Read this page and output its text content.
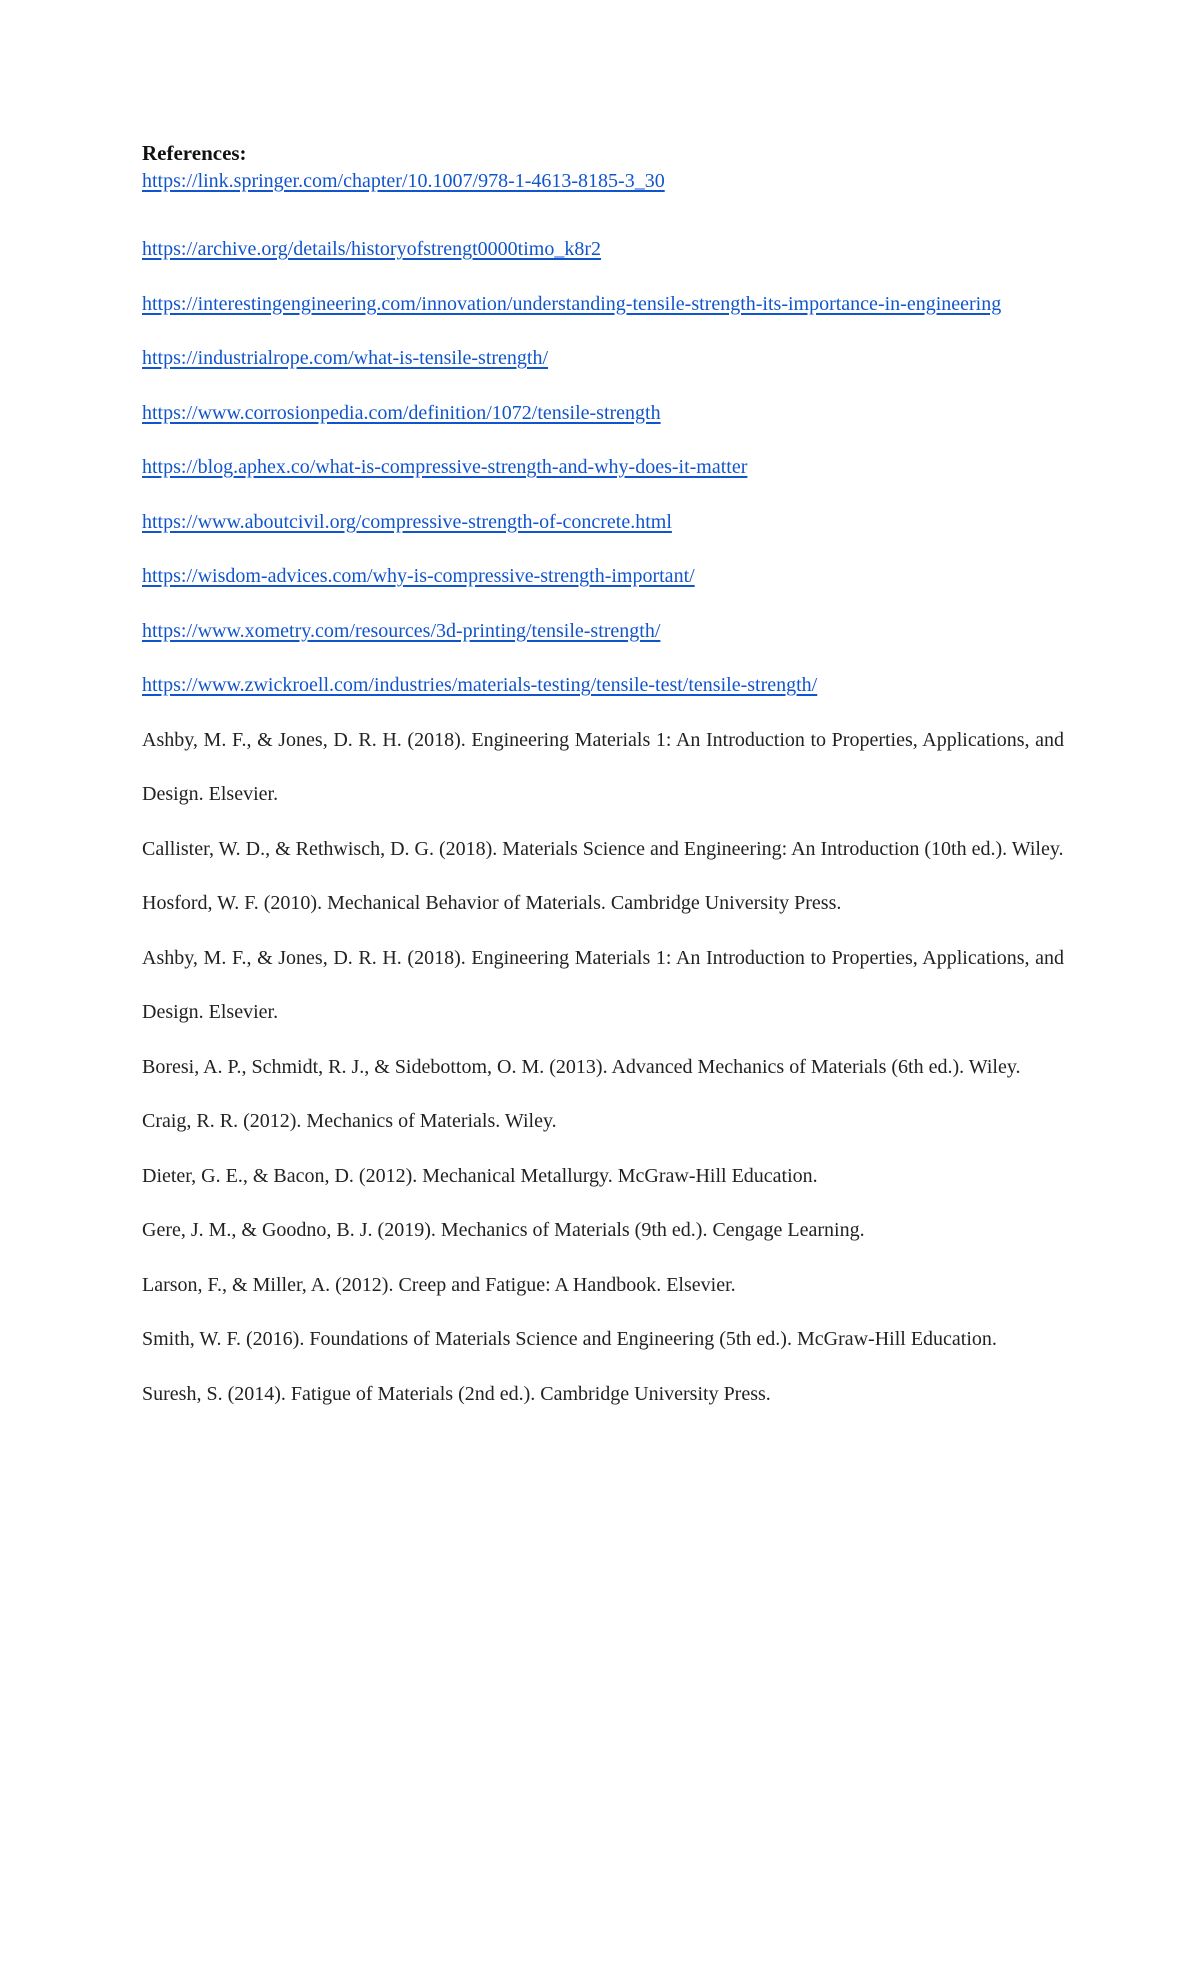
References:
https://link.springer.com/chapter/10.1007/978-1-4613-8185-3_30
https://archive.org/details/historyofstrengt0000timo_k8r2
https://interestingengineering.com/innovation/understanding-tensile-strength-its-importance-in-engineering
https://industrialrope.com/what-is-tensile-strength/
https://www.corrosionpedia.com/definition/1072/tensile-strength
https://blog.aphex.co/what-is-compressive-strength-and-why-does-it-matter
https://www.aboutcivil.org/compressive-strength-of-concrete.html
https://wisdom-advices.com/why-is-compressive-strength-important/
https://www.xometry.com/resources/3d-printing/tensile-strength/
https://www.zwickroell.com/industries/materials-testing/tensile-test/tensile-strength/
Ashby, M. F., & Jones, D. R. H. (2018). Engineering Materials 1: An Introduction to Properties, Applications, and Design. Elsevier.
Callister, W. D., & Rethwisch, D. G. (2018). Materials Science and Engineering: An Introduction (10th ed.). Wiley.
Hosford, W. F. (2010). Mechanical Behavior of Materials. Cambridge University Press.
Ashby, M. F., & Jones, D. R. H. (2018). Engineering Materials 1: An Introduction to Properties, Applications, and Design. Elsevier.
Boresi, A. P., Schmidt, R. J., & Sidebottom, O. M. (2013). Advanced Mechanics of Materials (6th ed.). Wiley.
Craig, R. R. (2012). Mechanics of Materials. Wiley.
Dieter, G. E., & Bacon, D. (2012). Mechanical Metallurgy. McGraw-Hill Education.
Gere, J. M., & Goodno, B. J. (2019). Mechanics of Materials (9th ed.). Cengage Learning.
Larson, F., & Miller, A. (2012). Creep and Fatigue: A Handbook. Elsevier.
Smith, W. F. (2016). Foundations of Materials Science and Engineering (5th ed.). McGraw-Hill Education.
Suresh, S. (2014). Fatigue of Materials (2nd ed.). Cambridge University Press.
